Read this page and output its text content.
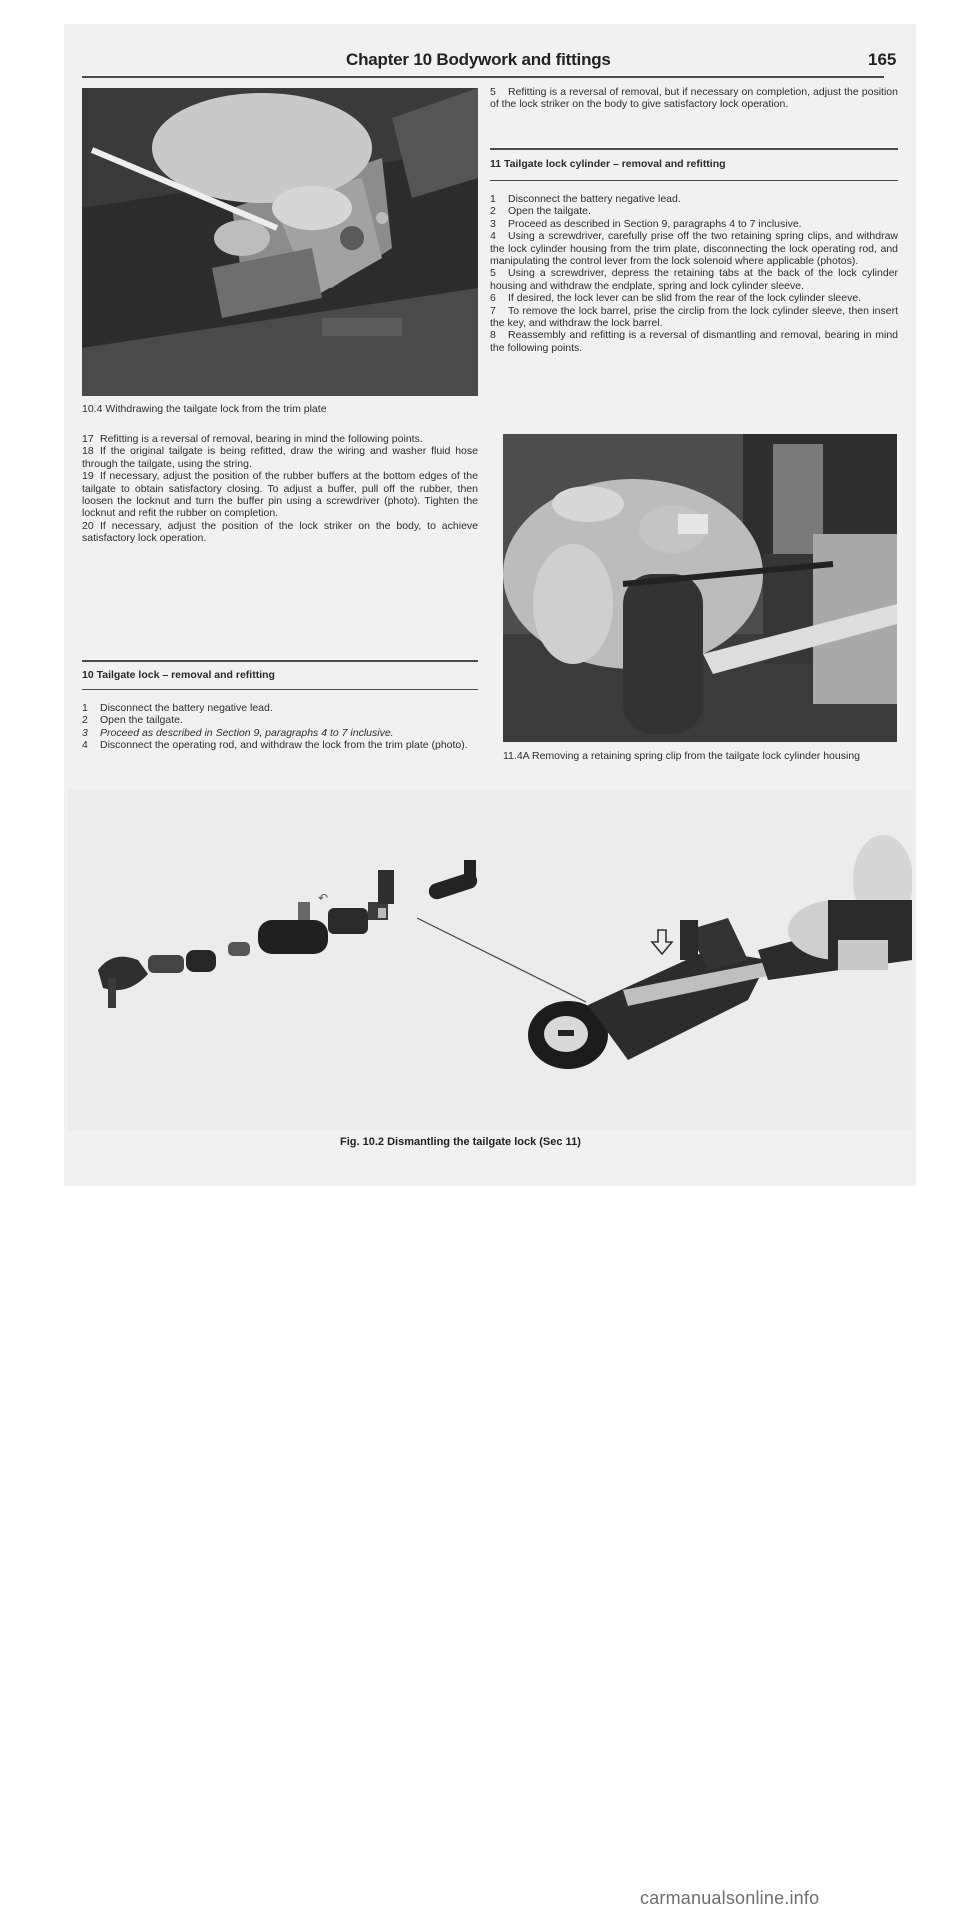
Chapter 10 Bodywork and fittings	165
10.4 Withdrawing the tailgate lock from the trim plate

17 Refitting is a reversal of removal, bearing in mind the following points.

18 If the original tailgate is being refitted, draw the wiring and washer fluid hose through the tailgate, using the string.

19 If necessary, adjust the position of the rubber buffers at the bottom edges of the tailgate to obtain satisfactory closing. To adjust a buffer, pull off the rubber, then loosen the locknut and turn the buffer pin using a screwdriver (photo). Tighten the locknut and refit the rubber on completion.

20 If necessary, adjust the position of the lock striker on the body, to achieve satisfactory lock operation.

10 Tailgate lock – removal and refitting

1 Disconnect the battery negative lead.

2 Open the tailgate.

3 Proceed as described in Section 9, paragraphs 4 to 7 inclusive.

4 Disconnect the operating rod, and withdraw the lock from the trim plate (photo).

5 Refitting is a reversal of removal, but if necessary on completion, adjust the position of the lock striker on the body to give satisfactory lock operation.

11 Tailgate lock cylinder – removal and refitting

1 Disconnect the battery negative lead.

2 Open the tailgate.

3 Proceed as described in Section 9, paragraphs 4 to 7 inclusive.

4 Using a screwdriver, carefully prise off the two retaining spring clips, and withdraw the lock cylinder housing from the trim plate, disconnecting the lock operating rod, and manipulating the control lever from the lock solenoid where applicable (photos).

5 Using a screwdriver, depress the retaining tabs at the back of the lock cylinder housing and withdraw the endplate, spring and lock cylinder sleeve.

6 If desired, the lock lever can be slid from the rear of the lock cylinder sleeve.

7 To remove the lock barrel, prise the circlip from the lock cylinder sleeve, then insert the key, and withdraw the lock barrel.

8 Reassembly and refitting is a reversal of dismantling and removal, bearing in mind the following points.

11.4A Removing a retaining spring clip from the tailgate lock cylinder housing
↶
Fig. 10.2 Dismantling the tailgate lock (Sec 11)
carmanualsonline.info
